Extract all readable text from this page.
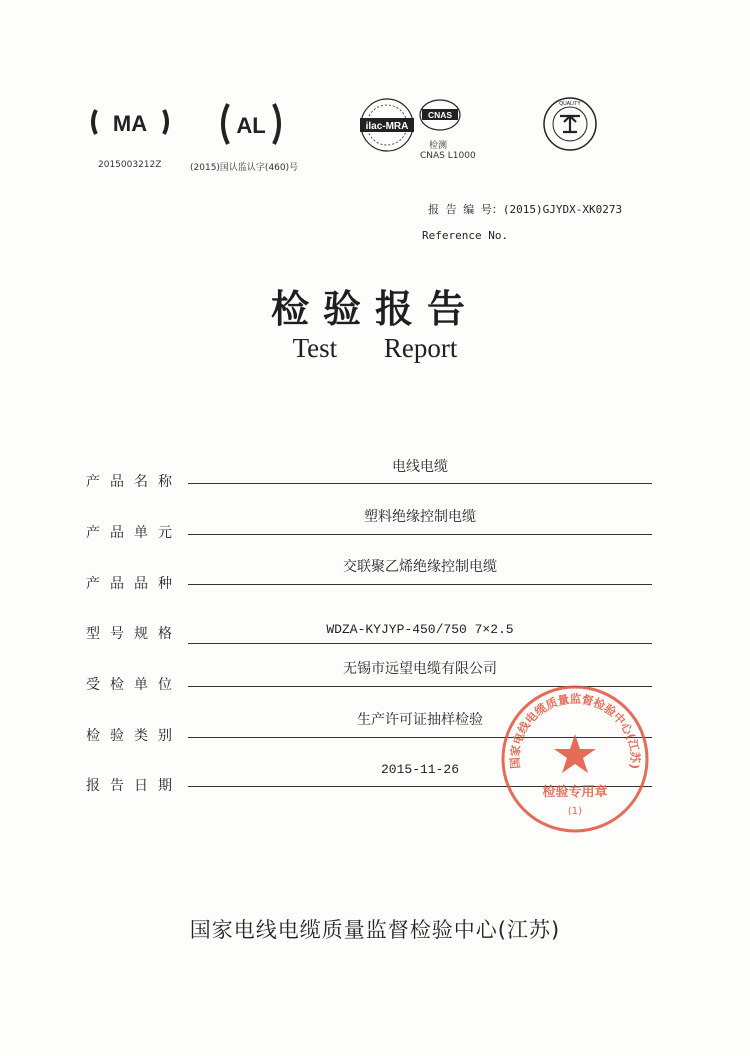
MA
2015003212Z
AL
(2015)国认监认字(460)号
ilac-MRA
CNAS
检测
CNAS L1000
QUALITY
报 告 编 号：(2015)GJYDX-XK0273
Reference No.
检验报告
Test Report
产品名称
电线电缆
产品单元
塑料绝缘控制电缆
产品品种
交联聚乙烯绝缘控制电缆
型号规格	WDZA-KYJYP-450/750 7×2.5
受检单位
无锡市远望电缆有限公司
检验类别
生产许可证抽样检验
报告日期
2015-11-26	国家电线电缆质量监督检验中心(江苏)
检验专用章
(1)
国家电线电缆质量监督检验中心(江苏)
